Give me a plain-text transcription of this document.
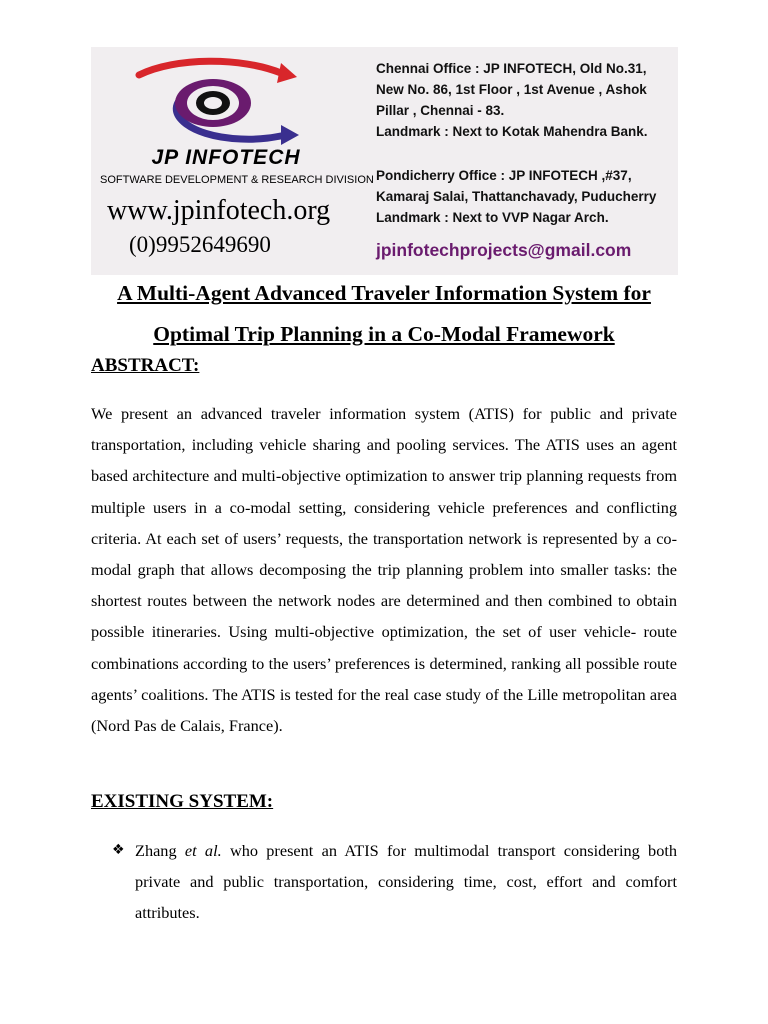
JP INFOTECH
SOFTWARE DEVELOPMENT & RESEARCH DIVISION
www.jpinfotech.org
(0)9952649690
Chennai Office : JP INFOTECH, Old No.31,
New No. 86, 1st Floor , 1st Avenue , Ashok
Pillar , Chennai - 83.
Landmark : Next to Kotak Mahendra Bank.
Pondicherry Office : JP INFOTECH ,#37,
Kamaraj Salai, Thattanchavady, Puducherry
Landmark : Next to VVP Nagar Arch.
jpinfotechprojects@gmail.com
A Multi-Agent Advanced Traveler Information System for
Optimal Trip Planning in a Co-Modal Framework
ABSTRACT:
We present an advanced traveler information system (ATIS) for public and private transportation, including vehicle sharing and pooling services. The ATIS uses an agent based architecture and multi-objective optimization to answer trip planning requests from multiple users in a co-modal setting, considering vehicle preferences and conflicting criteria. At each set of users’ requests, the transportation network is represented by a co-modal graph that allows decomposing the trip planning problem into smaller tasks: the shortest routes between the network nodes are determined and then combined to obtain possible itineraries. Using multi-objective optimization, the set of user vehicle- route combinations according to the users’ preferences is determined, ranking all possible route agents’ coalitions. The ATIS is tested for the real case study of the Lille metropolitan area (Nord Pas de Calais, France).
EXISTING SYSTEM:
❖ Zhang et al. who present an ATIS for multimodal transport considering both private and public transportation, considering time, cost, effort and comfort attributes.
